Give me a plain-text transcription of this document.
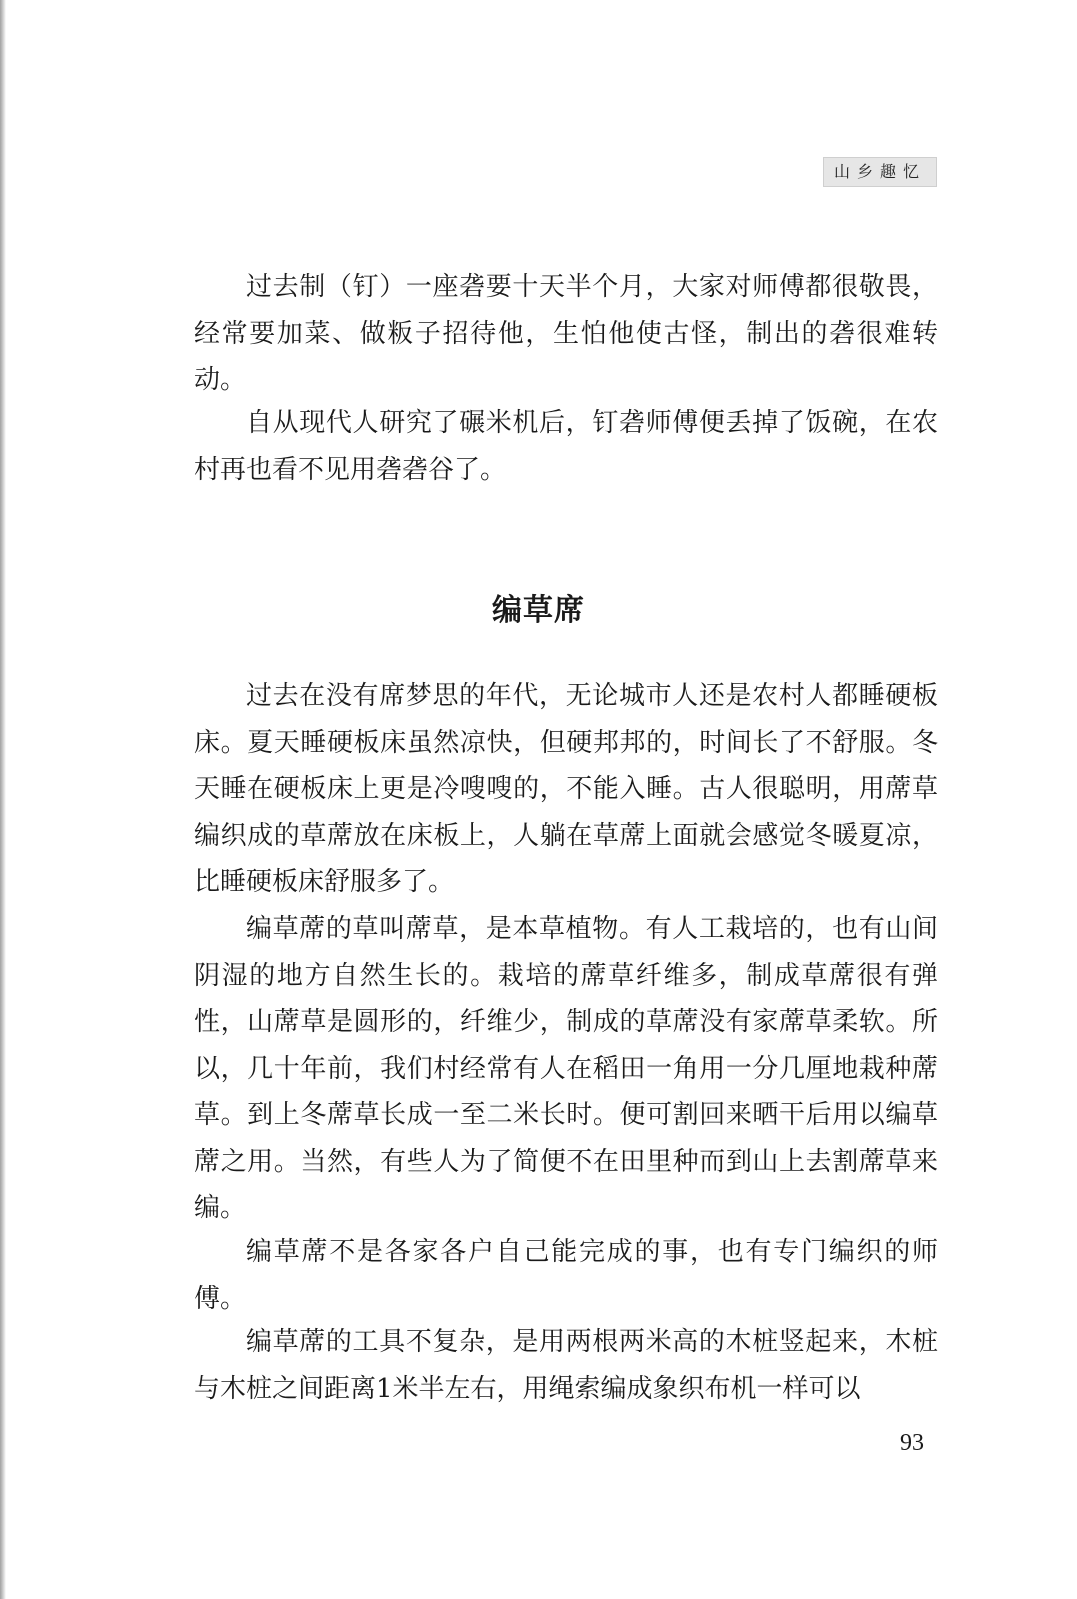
山乡趣忆

过去制（钉）一座砻要十天半个月，大家对师傅都很敬畏，经常要加菜、做粄子招待他，生怕他使古怪，制出的砻很难转动。

自从现代人研究了碾米机后，钉砻师傅便丢掉了饭碗，在农村再也看不见用砻砻谷了。

编草席

过去在没有席梦思的年代，无论城市人还是农村人都睡硬板床。夏天睡硬板床虽然凉快，但硬邦邦的，时间长了不舒服。冬天睡在硬板床上更是冷嗖嗖的，不能入睡。古人很聪明，用蓆草编织成的草蓆放在床板上，人躺在草蓆上面就会感觉冬暖夏凉，比睡硬板床舒服多了。

编草蓆的草叫蓆草，是本草植物。有人工栽培的，也有山间阴湿的地方自然生长的。栽培的蓆草纤维多，制成草蓆很有弹性，山蓆草是圆形的，纤维少，制成的草蓆没有家蓆草柔软。所以，几十年前，我们村经常有人在稻田一角用一分几厘地栽种蓆草。到上冬蓆草长成一至二米长时。便可割回来晒干后用以编草蓆之用。当然，有些人为了简便不在田里种而到山上去割蓆草来编。

编草蓆不是各家各户自己能完成的事，也有专门编织的师傅。

编草蓆的工具不复杂，是用两根两米高的木桩竖起来，木桩与木桩之间距离1米半左右，用绳索编成象织布机一样可以

93
